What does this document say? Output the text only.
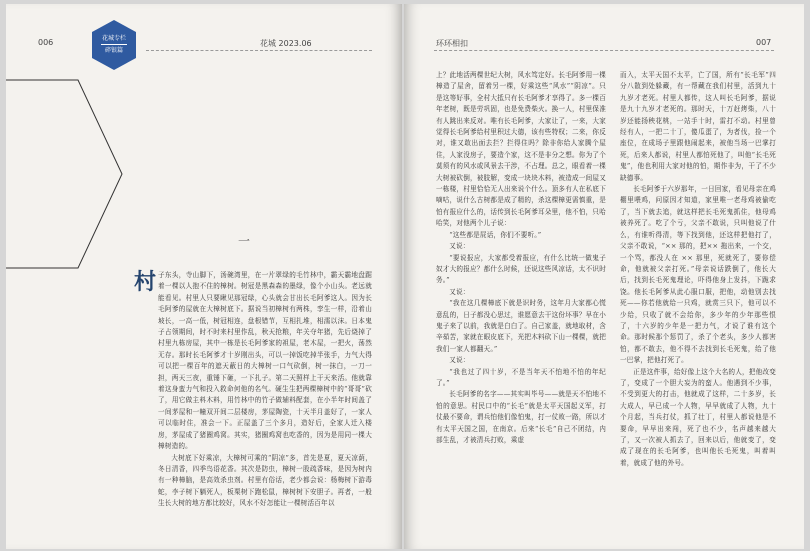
006	花城专栏
碎银篇
花城 2023.06
一
村 子东头，寺山脚下，汤碗湾里，在一片翠绿的毛竹林中，霸天霸地盘踞着一棵以人抱不住的樟树。树冠是黑森森的墨绿，像个小山头。老远就能看见。村里人只要瞅见那冠绿，心头就会甘出长毛阿爹这人。因为长毛阿爹的屋就在大樟树底下。据说当初樟树有两株，孪生一样，沿着山坡长，一高一低，树冠相连，盘根错节，互相扎堆，相濡以沫。日本鬼子占领期间，时不时来村里作乱，秋天抢粮，年关夺年猪，先后烧掉了村里九栋房屋，其中一栋是长毛阿爹家的祖屋，老木屋，一把火，荡然无存。那时长毛阿爹才十岁刚出头，可以一掉饭吃掉半张手，力气大得可以把一棵百年的遮天蔽日的大樟树一口气砍倒，树一抹白，一刀一担，两天三夜，重锤下砸，一下扎子。第二天照样上干天来活。他就靠着这身蛮力气和投入救命何他的名气。硬生生把两棵樟树中的“哥哥”砍了，用它做主料木料，用竹林中的竹子做辅料配套，在小半年时间盖了一间茅屋和一幢双开间二层楼房，茅屋陶瓷，十天半月盖好了，一家人可以临时住，准会一下。正屋盖了三个多月，造好后，全家人迁入楼房，茅屋成了猪圈鸡窝。其实，猪圈鸡窝也吃香的，因为是用同一棵大樟树造的。

大树底下好乘凉，大樟树可乘的“阴凉”多，首先是夏，夏天凉荫，冬日清香，四季鸟语花香。其次是防虫，樟树一股疏香味，是因为树内有一种樟脑，是高效杀虫剂。村里有俗话，老少都会说：杨梅树下游毒蛇，李子树下躺死人，板栗树下跑松鼠，樟树树下安胆子。再者，一般生长大树的地方都比较好，风水不好怎能让一棵树活百年以

环环相扣	007

上？此地活两棵世纪大树，风水笃定好。长毛阿爹用一棵樟造了屋舍，留着另一棵，好乘这些“风水”“阴凉”。只是这等好事，全村大抵只有长毛阿爹才享得了。多一棵百年老树，既是劳巩固，也是免费柴火。换一人，村里保准有人跳出来反对。唯有长毛阿爹，大家让了，一来，大家觉得长毛阿爹给村里积过大德，该有些特权；二来，你反对，谁又敢出面去拦？拦得住吗？除非你给人家腾个屋住，人家没房子，要造个家，这不是非分之想。你为了个莫须有的风水或风景去干涉，不占理。总之，眼看着一棵大树被砍倒，被肢解，变成一块块木料，被造成一间屋又一栋楼，村里恰恰无人出来说个什么。顶多有人在私底下嘀咕，说什么古树都是成了精的，杀这棵樟更需慎重，是怕有报应什么的，话传到长毛阿爹耳朵里，他不怕，只哈哈笑，对他两个儿子说：

“这些都是屁话，你们不要听。”

又说：

“要说报应，大家都受着报应，有什么比统一做鬼子奴才大的报应？都什么时候，还说这些风凉话，太不识时务。”

又说：

“我在这几棵樟底下就是识时务，这年月大家都心慌意乱的，日子都没心思过，谁愿意去干这份坏事？早在小鬼子来了以前，我就是白白了。自己家盖，就地取材，含辛茹苦，家就在眼皮底下，光把木料砍下山一棵棵，就把我们一家人都翻天。”

又说：

“我也过了四十岁，不是当年天不怕地不怕的年纪了。”

长毛阿爹的名字——其实叫毕号——就是天不怕地不怕的意思。村民口中的“长毛”就是太平天国起义军，打仗最不要命，谓兵怕他们像怕鬼，打一仗败一路，所以才有太平天国之国，在南京。后来“长毛”自己不团结，内部生乱，才被清兵打败，乘虚

而入，太平天国不太平，亡了国，所有“长毛军”四分八散到处躲藏，有一帮藏在我们村里，活到九十九岁才老死。村里人都传，这人叫长毛阿爹，据说是九十九岁才老死的。那时天，十万赶烤柴，八十岁还能扬秧花桃，一站手十时，雷打不动。村里曾经有人，一把二十丁，傻瓜蛋了，为者伐，捡一个座位，在成场子里跟他闹起来，被他当场一巴掌打死，后来人都说，村里人都怕死他了，叫他“长毛死鬼”，他也利用大家对他的怕，期作非为，干了不少缺德事。

长毛阿爹于六岁那年，一日回家，看见母亲在鸡棚里喂鸡，问原因才知道，家里唯一老母鸡被偷吃了，当下就去追，就这样把长毛死鬼抓住，他母鸡被养死了。吃了个亏，父亲不敢说，只叫他说了什么，有谁听得清，等下找到他，还这样把他打了，父亲不敢说，“×× 那的，把×× 拖出来，一个交，一个骂，都没人在 ×× 那里，死就死了，要你偿命，他就被父亲打死。”母亲说话跌倒了，他长大后，找到长毛死鬼理论，吓得他身上发抖，下跪求饶。他长毛阿爹从此心服口服，把他，动他别去找死——你若他就给一只鸡，就赏三只下，他可以不少给，只收了就不会给你，多少年的少年那些恨了，十六岁的少年是一把力气，才说了谁有这个命。那时候那个惩罚了，杀了个老头，多少人都害怕，都不敢去，他不得不去找到长毛死鬼，给了他一巴掌，把他打死了。

正是这件事，给好像上这个大名的人，把他改变了，变成了一个胆大妄为的蛮人。他遇到不少事，不受到更大的打击，他就成了这样，二十多岁，长大成人，早已成一个人物，早早就成了人物，九十个月起，当兵打仗，抓了壮丁，村里人都说他是不要命，早早出来闯，死了也不少，名声越来越大了，又一次被人抓去了，回来以后，他就变了，变成了现在的长毛阿爹，也叫他长毛死鬼，叫着叫着，就成了他的外号。
